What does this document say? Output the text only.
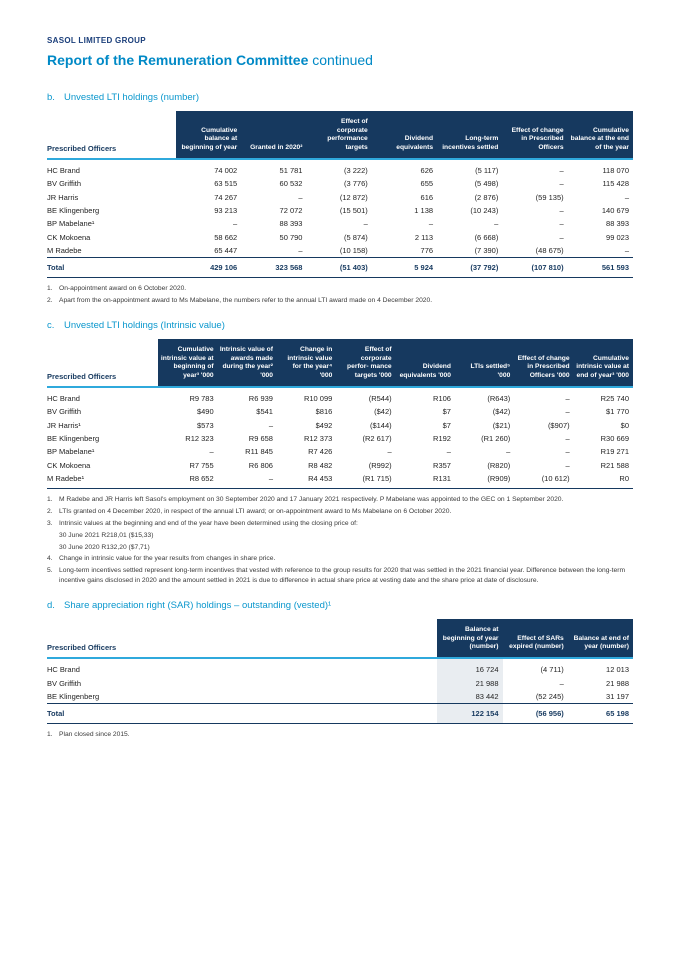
SASOL LIMITED GROUP
Report of the Remuneration Committee continued
b. Unvested LTI holdings (number)
Prescribed Officers	Cumulative balance at beginning of year	Granted in 2020²	Effect of corporate performance targets	Dividend equivalents	Long-term incentives settled	Effect of change in Prescribed Officers	Cumulative balance at the end of the year
HC Brand	74 002	51 781	(3 222)	626	(5 117)	–	118 070
BV Griffith	63 515	60 532	(3 776)	655	(5 498)	–	115 428
JR Harris	74 267	–	(12 872)	616	(2 876)	(59 135)	–
BE Klingenberg	93 213	72 072	(15 501)	1 138	(10 243)	–	140 679
BP Mabelane¹	–	88 393	–	–	–	–	88 393
CK Mokoena	58 662	50 790	(5 874)	2 113	(6 668)	–	99 023
M Radebe	65 447	–	(10 158)	776	(7 390)	(48 675)	–
Total	429 106	323 568	(51 403)	5 924	(37 792)	(107 810)	561 593
1. On-appointment award on 6 October 2020.
2. Apart from the on-appointment award to Ms Mabelane, the numbers refer to the annual LTI award made on 4 December 2020.
c.	Unvested LTI holdings (Intrinsic value)
Prescribed Officers	Cumulative intrinsic value at beginning of year³ '000	Intrinsic value of awards made during the year² '000	Change in intrinsic value for the year⁴ '000	Effect of corporate perfor- mance targets '000	Dividend equivalents '000	LTIs settled⁵ '000	Effect of change in Prescribed Officers '000	Cumulative intrinsic value at end of year³ '000
HC Brand	R9 783	R6 939	R10 099	(R544)	R106	(R643)	–	R25 740
BV Griffith	$490	$541	$816	($42)	$7	($42)	–	$1 770
JR Harris¹	$573	–	$492	($144)	$7	($21)	($907)	$0
BE Klingenberg	R12 323	R9 658	R12 373	(R2 617)	R192	(R1 260)	–	R30 669
BP Mabelane¹	–	R11 845	R7 426	–	–	–	–	R19 271
CK Mokoena	R7 755	R6 806	R8 482	(R992)	R357	(R820)	–	R21 588
M Radebe¹	R8 652	–	R4 453	(R1 715)	R131	(R909)	(10 612)	R0
1. M Radebe and JR Harris left Sasol's employment on 30 September 2020 and 17 January 2021 respectively. P Mabelane was appointed to the GEC on 1 September 2020.
2. LTIs granted on 4 December 2020, in respect of the annual LTI award; or on-appointment award to Ms Mabelane on 6 October 2020.
3. Intrinsic values at the beginning and end of the year have been determined using the closing price of:
30 June 2021 R218,01 ($15,33)
30 June 2020 R132,20 ($7,71)
4. Change in intrinsic value for the year results from changes in share price.
5. Long-term incentives settled represent long-term incentives that vested with reference to the group results for 2020 that was settled in the 2021 financial year. Difference between the long-term incentive gains disclosed in 2020 and the amount settled in 2021 is due to difference in actual share price at vesting date and the share price at date of disclosure.
d. Share appreciation right (SAR) holdings – outstanding (vested)¹
Prescribed Officers	Balance at beginning of year (number)	Effect of SARs expired (number)	Balance at end of year (number)
HC Brand	16 724	(4 711)	12 013
BV Griffith	21 988	–	21 988
BE Klingenberg	83 442	(52 245)	31 197
Total	122 154	(56 956)	65 198
1. Plan closed since 2015.
